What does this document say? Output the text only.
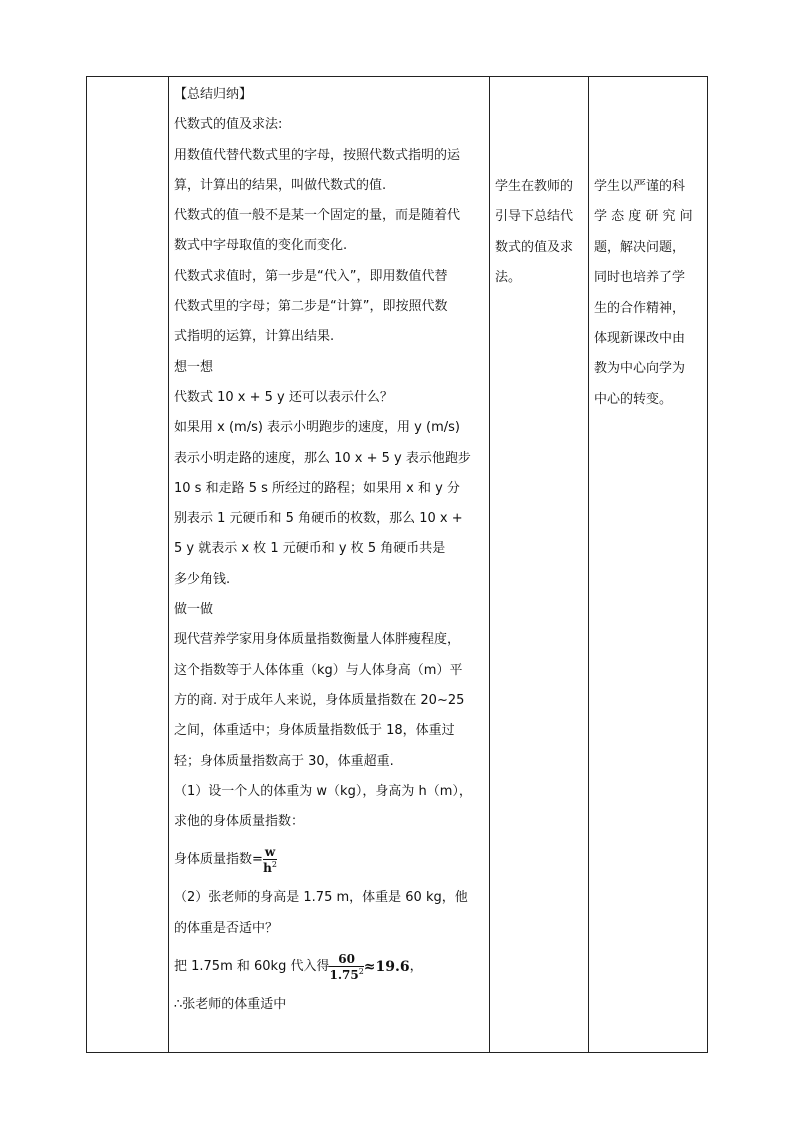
【总结归纳】

代数式的值及求法:

用数值代替代数式里的字母，按照代数式指明的运

算，计算出的结果，叫做代数式的值.

代数式的值一般不是某一个固定的量，而是随着代

数式中字母取值的变化而变化.

代数式求值时，第一步是“代入”，即用数值代替

代数式里的字母；第二步是“计算”，即按照代数

式指明的运算，计算出结果.

想一想

代数式 10 x + 5 y 还可以表示什么？

如果用 x (m/s) 表示小明跑步的速度，用 y (m/s)

表示小明走路的速度，那么 10 x + 5 y 表示他跑步

10 s 和走路 5 s 所经过的路程；如果用 x 和 y 分

别表示 1 元硬币和 5 角硬币的枚数，那么 10 x +

5 y 就表示 x 枚 1 元硬币和 y 枚 5 角硬币共是

多少角钱.

做一做

现代营养学家用身体质量指数衡量人体胖瘦程度，

这个指数等于人体体重（kg）与人体身高（m）平

方的商. 对于成年人来说，身体质量指数在 20~25

之间，体重适中；身体质量指数低于 18，体重过

轻；身体质量指数高于 30，体重超重.

（1）设一个人的体重为 w（kg），身高为 h（m），

求他的身体质量指数：

身体质量指数= $\frac{w}{h^2}$

（2）张老师的身高是 1.75 m，体重是 60 kg，他

的体重是否适中？

把 1.75m 和 60kg 代入得 $\frac{60}{1.75^2} \approx 19.6$ ，

∴张老师的体重适中

学生在教师的

引导下总结代

数式的值及求

法。

学生以严谨的科

学 态 度 研 究 问

题，解决问题，

同时也培养了学

生的合作精神，

体现新课改中由

教为中心向学为

中心的转变。
